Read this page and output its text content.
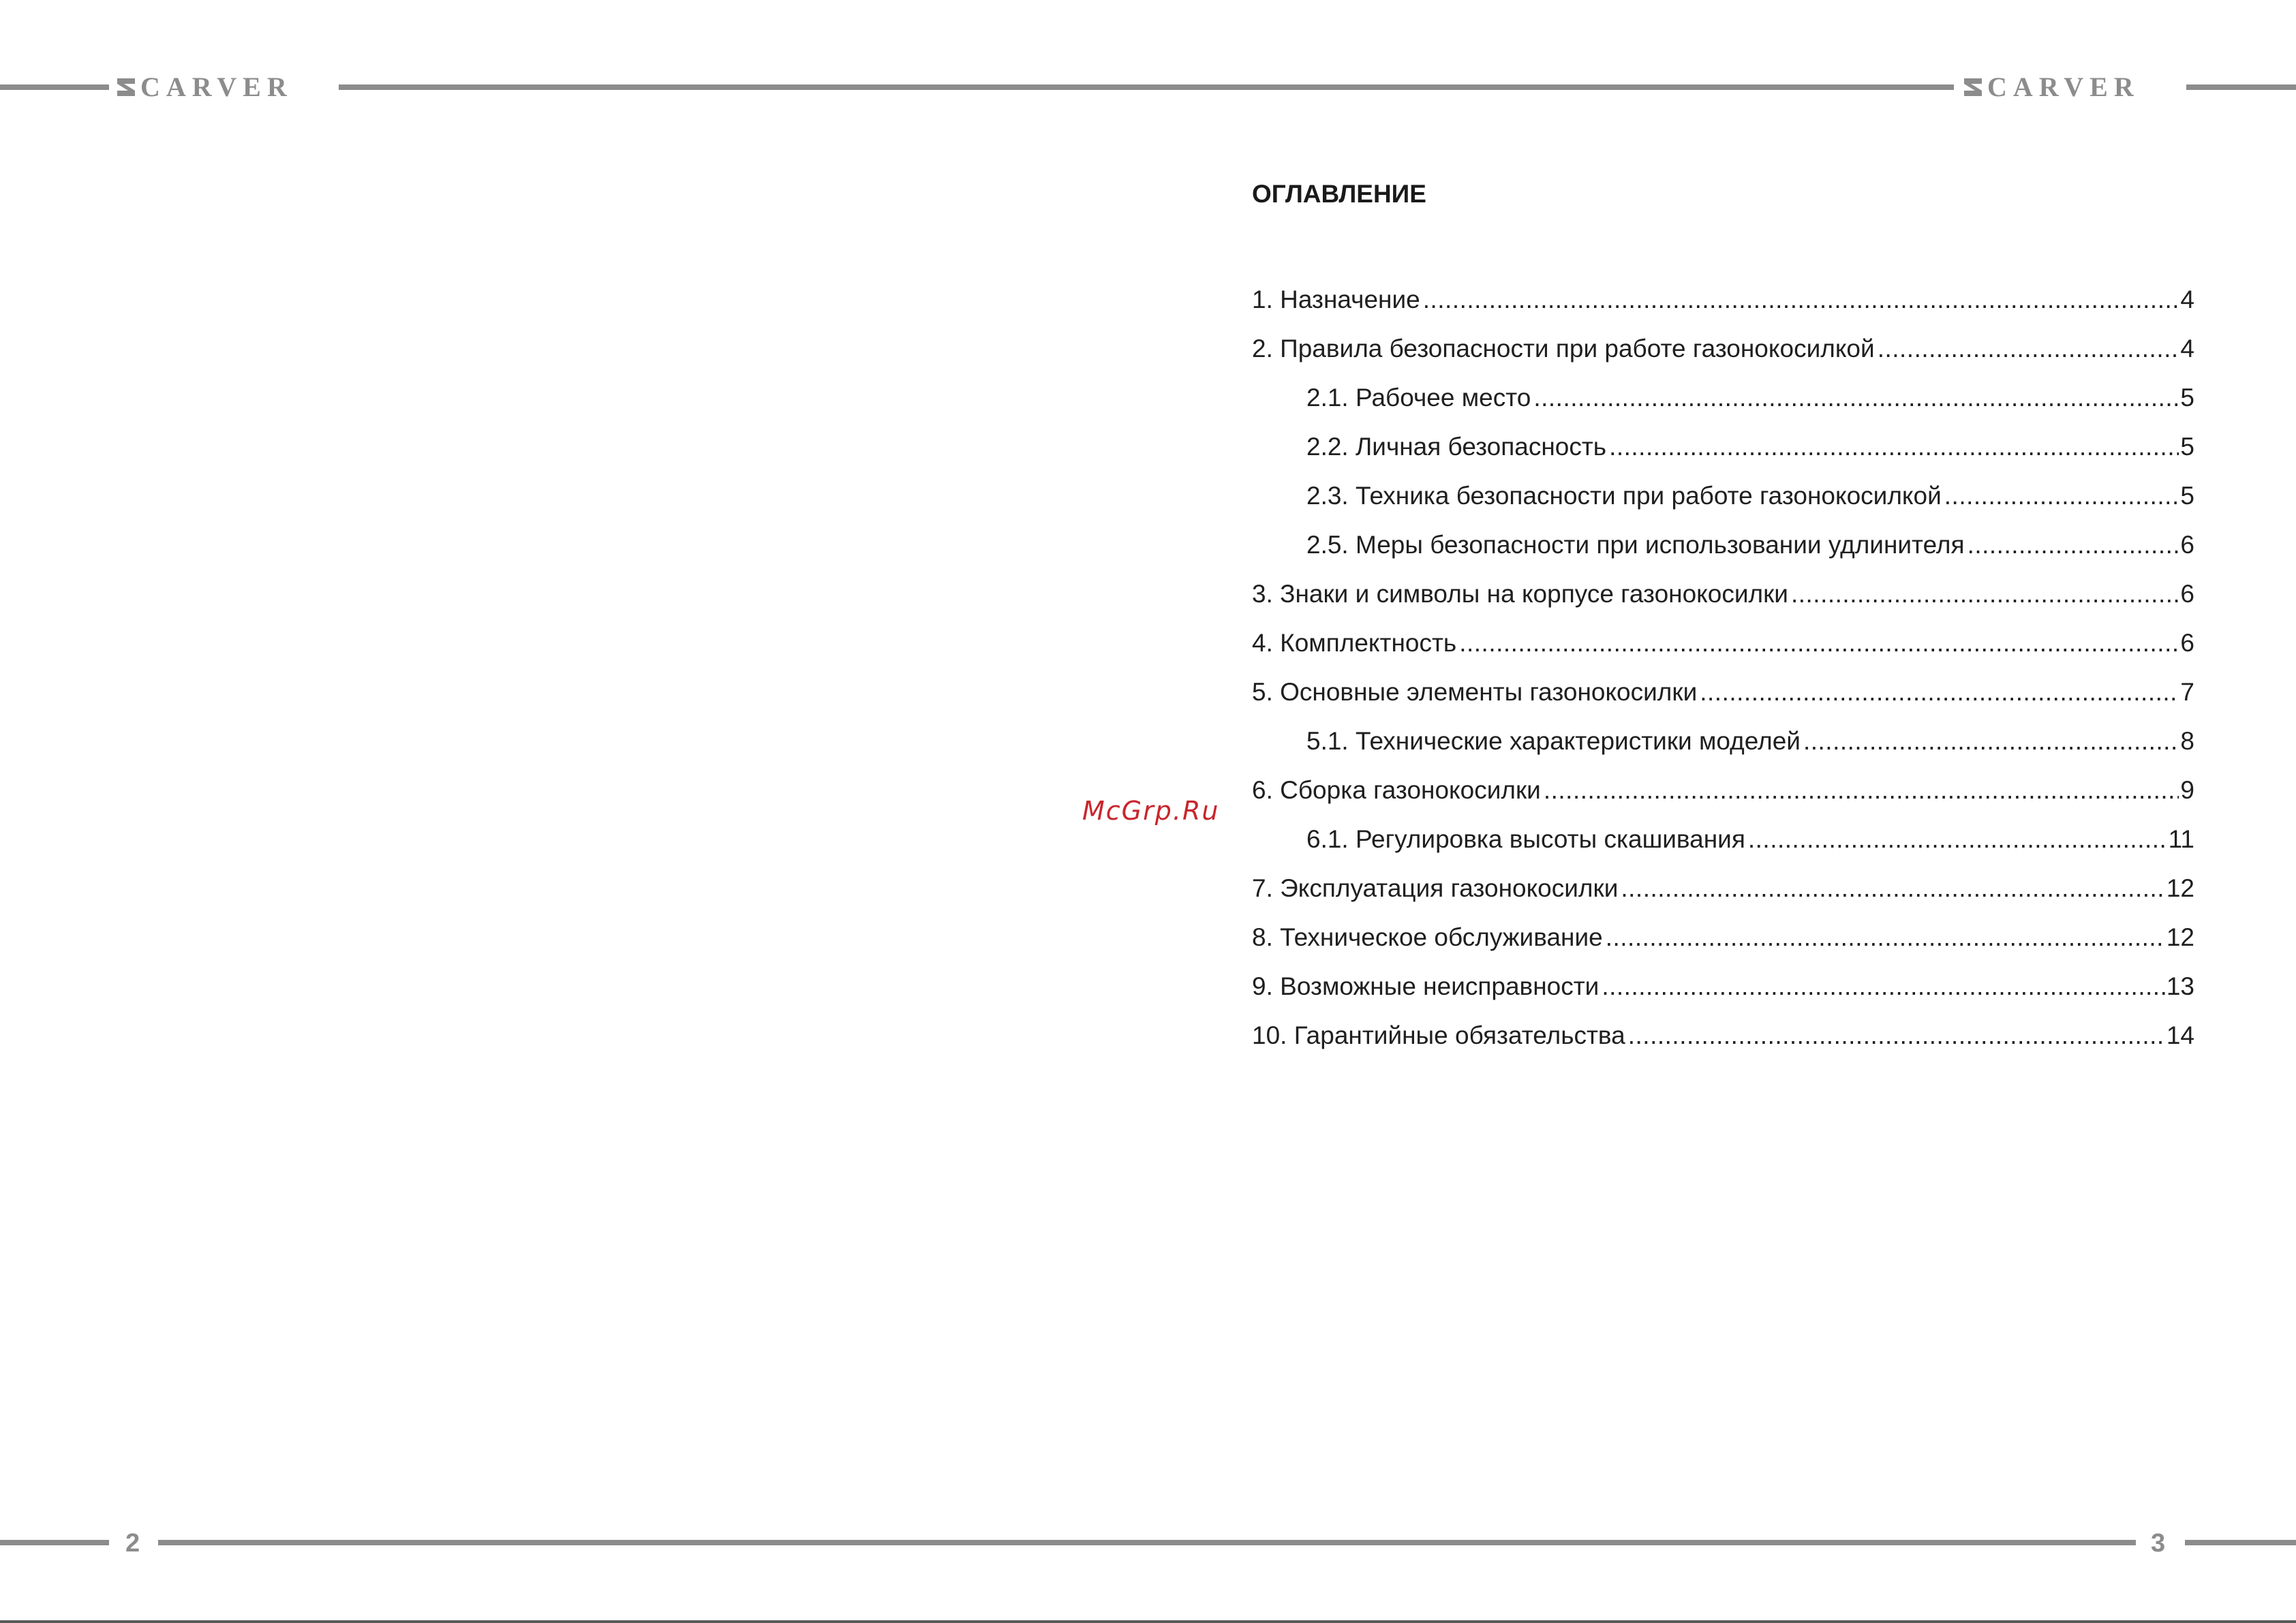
CARVER	CARVER
McGrp.Ru
ОГЛАВЛЕНИЕ
1. Назначение .....	4
2. Правила безопасности при работе газонокосилкой .....	4
2.1. Рабочее место .....	5
2.2. Личная безопасность .....	5
2.3. Техника безопасности при работе газонокосилкой .....	5
2.5. Меры безопасности при использовании удлинителя .....	6
3. Знаки и символы на корпусе газонокосилки .....	6
4. Комплектность .....	6
5. Основные элементы газонокосилки .....	7
5.1. Технические характеристики моделей .....	8
6. Сборка газонокосилки .....	9
6.1. Регулировка высоты скашивания .....	11
7. Эксплуатация газонокосилки .....	12
8. Техническое обслуживание .....	12
9. Возможные неисправности .....	13
10. Гарантийные обязательства .....	14
2	3
